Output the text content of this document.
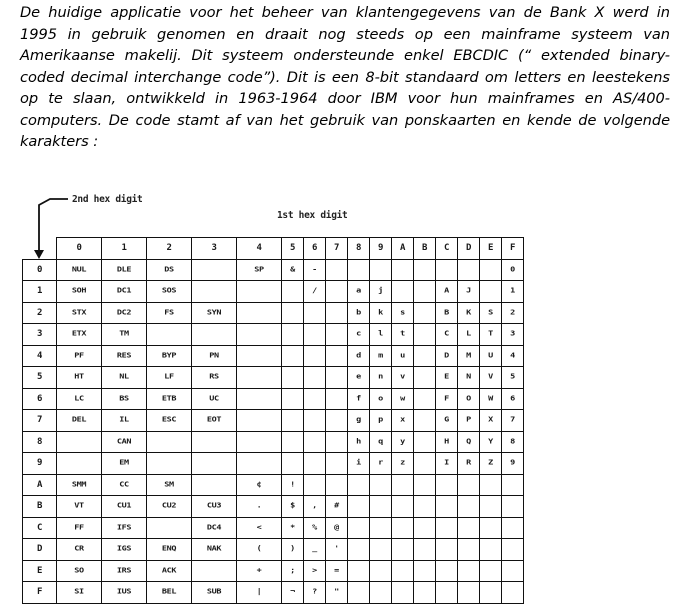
De huidige applicatie voor het beheer van klantengegevens van de Bank X werd in
1995 in gebruik genomen en draait nog steeds op een mainframe systeem van
Amerikaanse makelij. Dit systeem ondersteunde enkel EBCDIC (“ extended binary-
coded decimal interchange code”). Dit is een 8-bit standaard om letters en leestekens
op te slaan, ontwikkeld in 1963-1964 door IBM voor hun mainframes en AS/400-
computers. De code stamt af van het gebruik van ponskaarten en kende de volgende
karakters :
2nd hex digit
1st hex digit
	0	1	2	3	4	5	6	7	8	9	A	B	C	D	E	F
0	NUL	DLE	DS		SP	&	-									0
1	SOH	DC1	SOS				/		a	j			A	J		1
2	STX	DC2	FS	SYN					b	k	s		B	K	S	2
3	ETX	TM							c	l	t		C	L	T	3
4	PF	RES	BYP	PN					d	m	u		D	M	U	4
5	HT	NL	LF	RS					e	n	v		E	N	V	5
6	LC	BS	ETB	UC					f	o	w		F	O	W	6
7	DEL	IL	ESC	EOT					g	p	x		G	P	X	7
8		CAN							h	q	y		H	Q	Y	8
9		EM							i	r	z		I	R	Z	9
A	SMM	CC	SM		¢	!										
B	VT	CU1	CU2	CU3	.	$	,	#								
C	FF	IFS		DC4	<	*	%	@								
D	CR	IGS	ENQ	NAK	(	)	_	'								
E	SO	IRS	ACK		+	;	>	=								
F	SI	IUS	BEL	SUB	|	¬	?	"								
